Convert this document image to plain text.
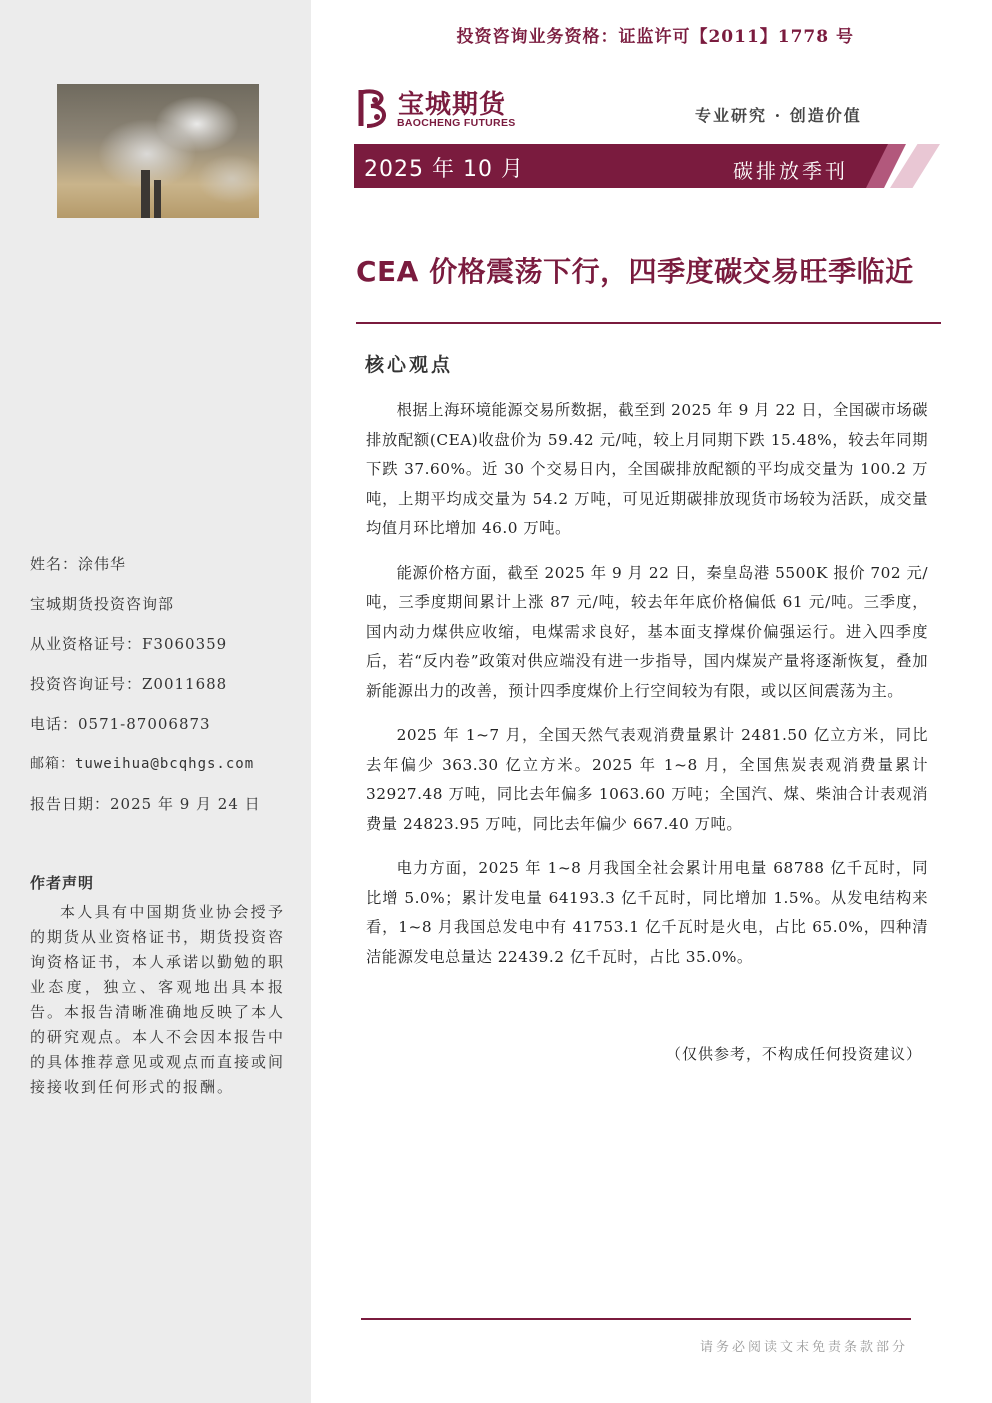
姓名：涂伟华
宝城期货投资咨询部
从业资格证号：F3060359
投资咨询证号：Z0011688
电话：0571-87006873
邮箱：tuweihua@bcqhgs.com
报告日期：2025 年 9 月 24 日
作者声明
本人具有中国期货业协会授予的期货从业资格证书，期货投资咨询资格证书，本人承诺以勤勉的职业态度，独立、客观地出具本报告。本报告清晰准确地反映了本人的研究观点。本人不会因本报告中的具体推荐意见或观点而直接或间接接收到任何形式的报酬。
投资咨询业务资格：证监许可【2011】1778 号
宝城期货
BAOCHENG FUTURES	专业研究 · 创造价值
2025 年 10 月	碳排放季刊
CEA 价格震荡下行，四季度碳交易旺季临近
核心观点

根据上海环境能源交易所数据，截至到 2025 年 9 月 22 日，全国碳市场碳排放配额(CEA)收盘价为 59.42 元/吨，较上月同期下跌 15.48%，较去年同期下跌 37.60%。近 30 个交易日内，全国碳排放配额的平均成交量为 100.2 万吨，上期平均成交量为 54.2 万吨，可见近期碳排放现货市场较为活跃，成交量均值月环比增加 46.0 万吨。

能源价格方面，截至 2025 年 9 月 22 日，秦皇岛港 5500K 报价 702 元/吨，三季度期间累计上涨 87 元/吨，较去年年底价格偏低 61 元/吨。三季度，国内动力煤供应收缩，电煤需求良好，基本面支撑煤价偏强运行。进入四季度后，若“反内卷”政策对供应端没有进一步指导，国内煤炭产量将逐渐恢复，叠加新能源出力的改善，预计四季度煤价上行空间较为有限，或以区间震荡为主。

2025 年 1~7 月，全国天然气表观消费量累计 2481.50 亿立方米，同比去年偏少 363.30 亿立方米。2025 年 1~8 月，全国焦炭表观消费量累计 32927.48 万吨，同比去年偏多 1063.60 万吨；全国汽、煤、柴油合计表观消费量 24823.95 万吨，同比去年偏少 667.40 万吨。

电力方面，2025 年 1~8 月我国全社会累计用电量 68788 亿千瓦时，同比增 5.0%；累计发电量 64193.3 亿千瓦时，同比增加 1.5%。从发电结构来看，1~8 月我国总发电中有 41753.1 亿千瓦时是火电，占比 65.0%，四种清洁能源发电总量达 22439.2 亿千瓦时，占比 35.0%。

（仅供参考，不构成任何投资建议）
请务必阅读文末免责条款部分
